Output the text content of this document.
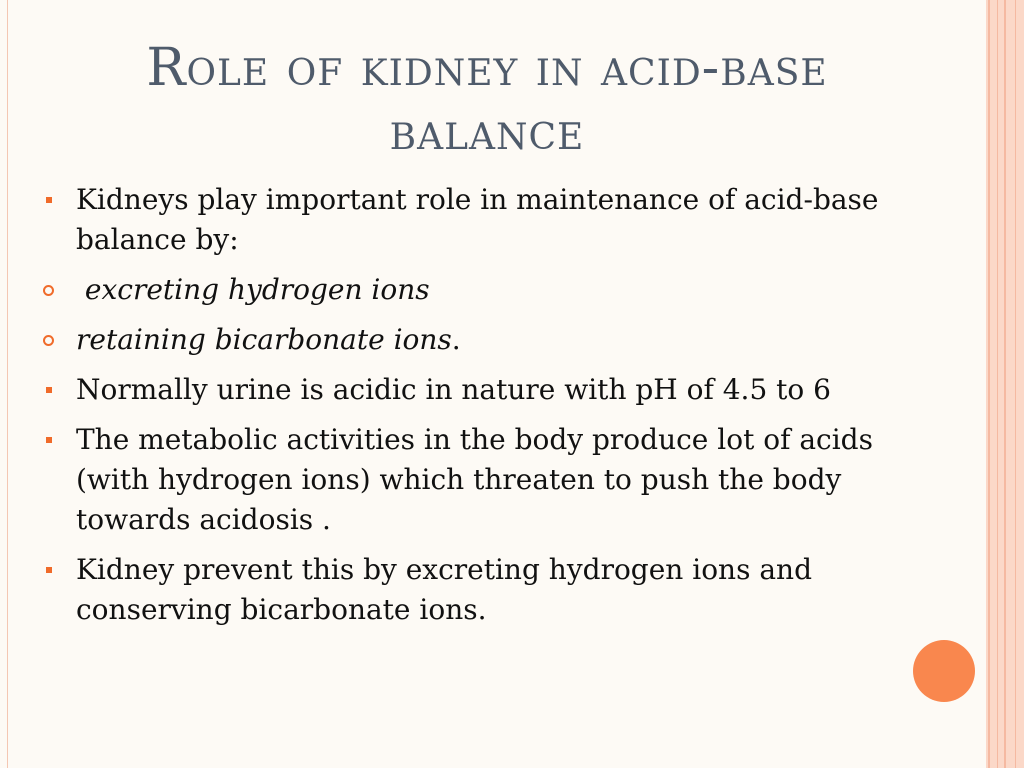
Role of kidney in acid-base
balance
Kidneys play important role in maintenance of acid-base balance by:
excreting hydrogen ions
retaining bicarbonate ions.
Normally urine is acidic in nature with pH of 4.5 to 6
The metabolic activities in the body produce lot of acids (with hydrogen ions) which threaten to push the body towards acidosis .
Kidney prevent this by excreting hydrogen ions and conserving bicarbonate ions.
